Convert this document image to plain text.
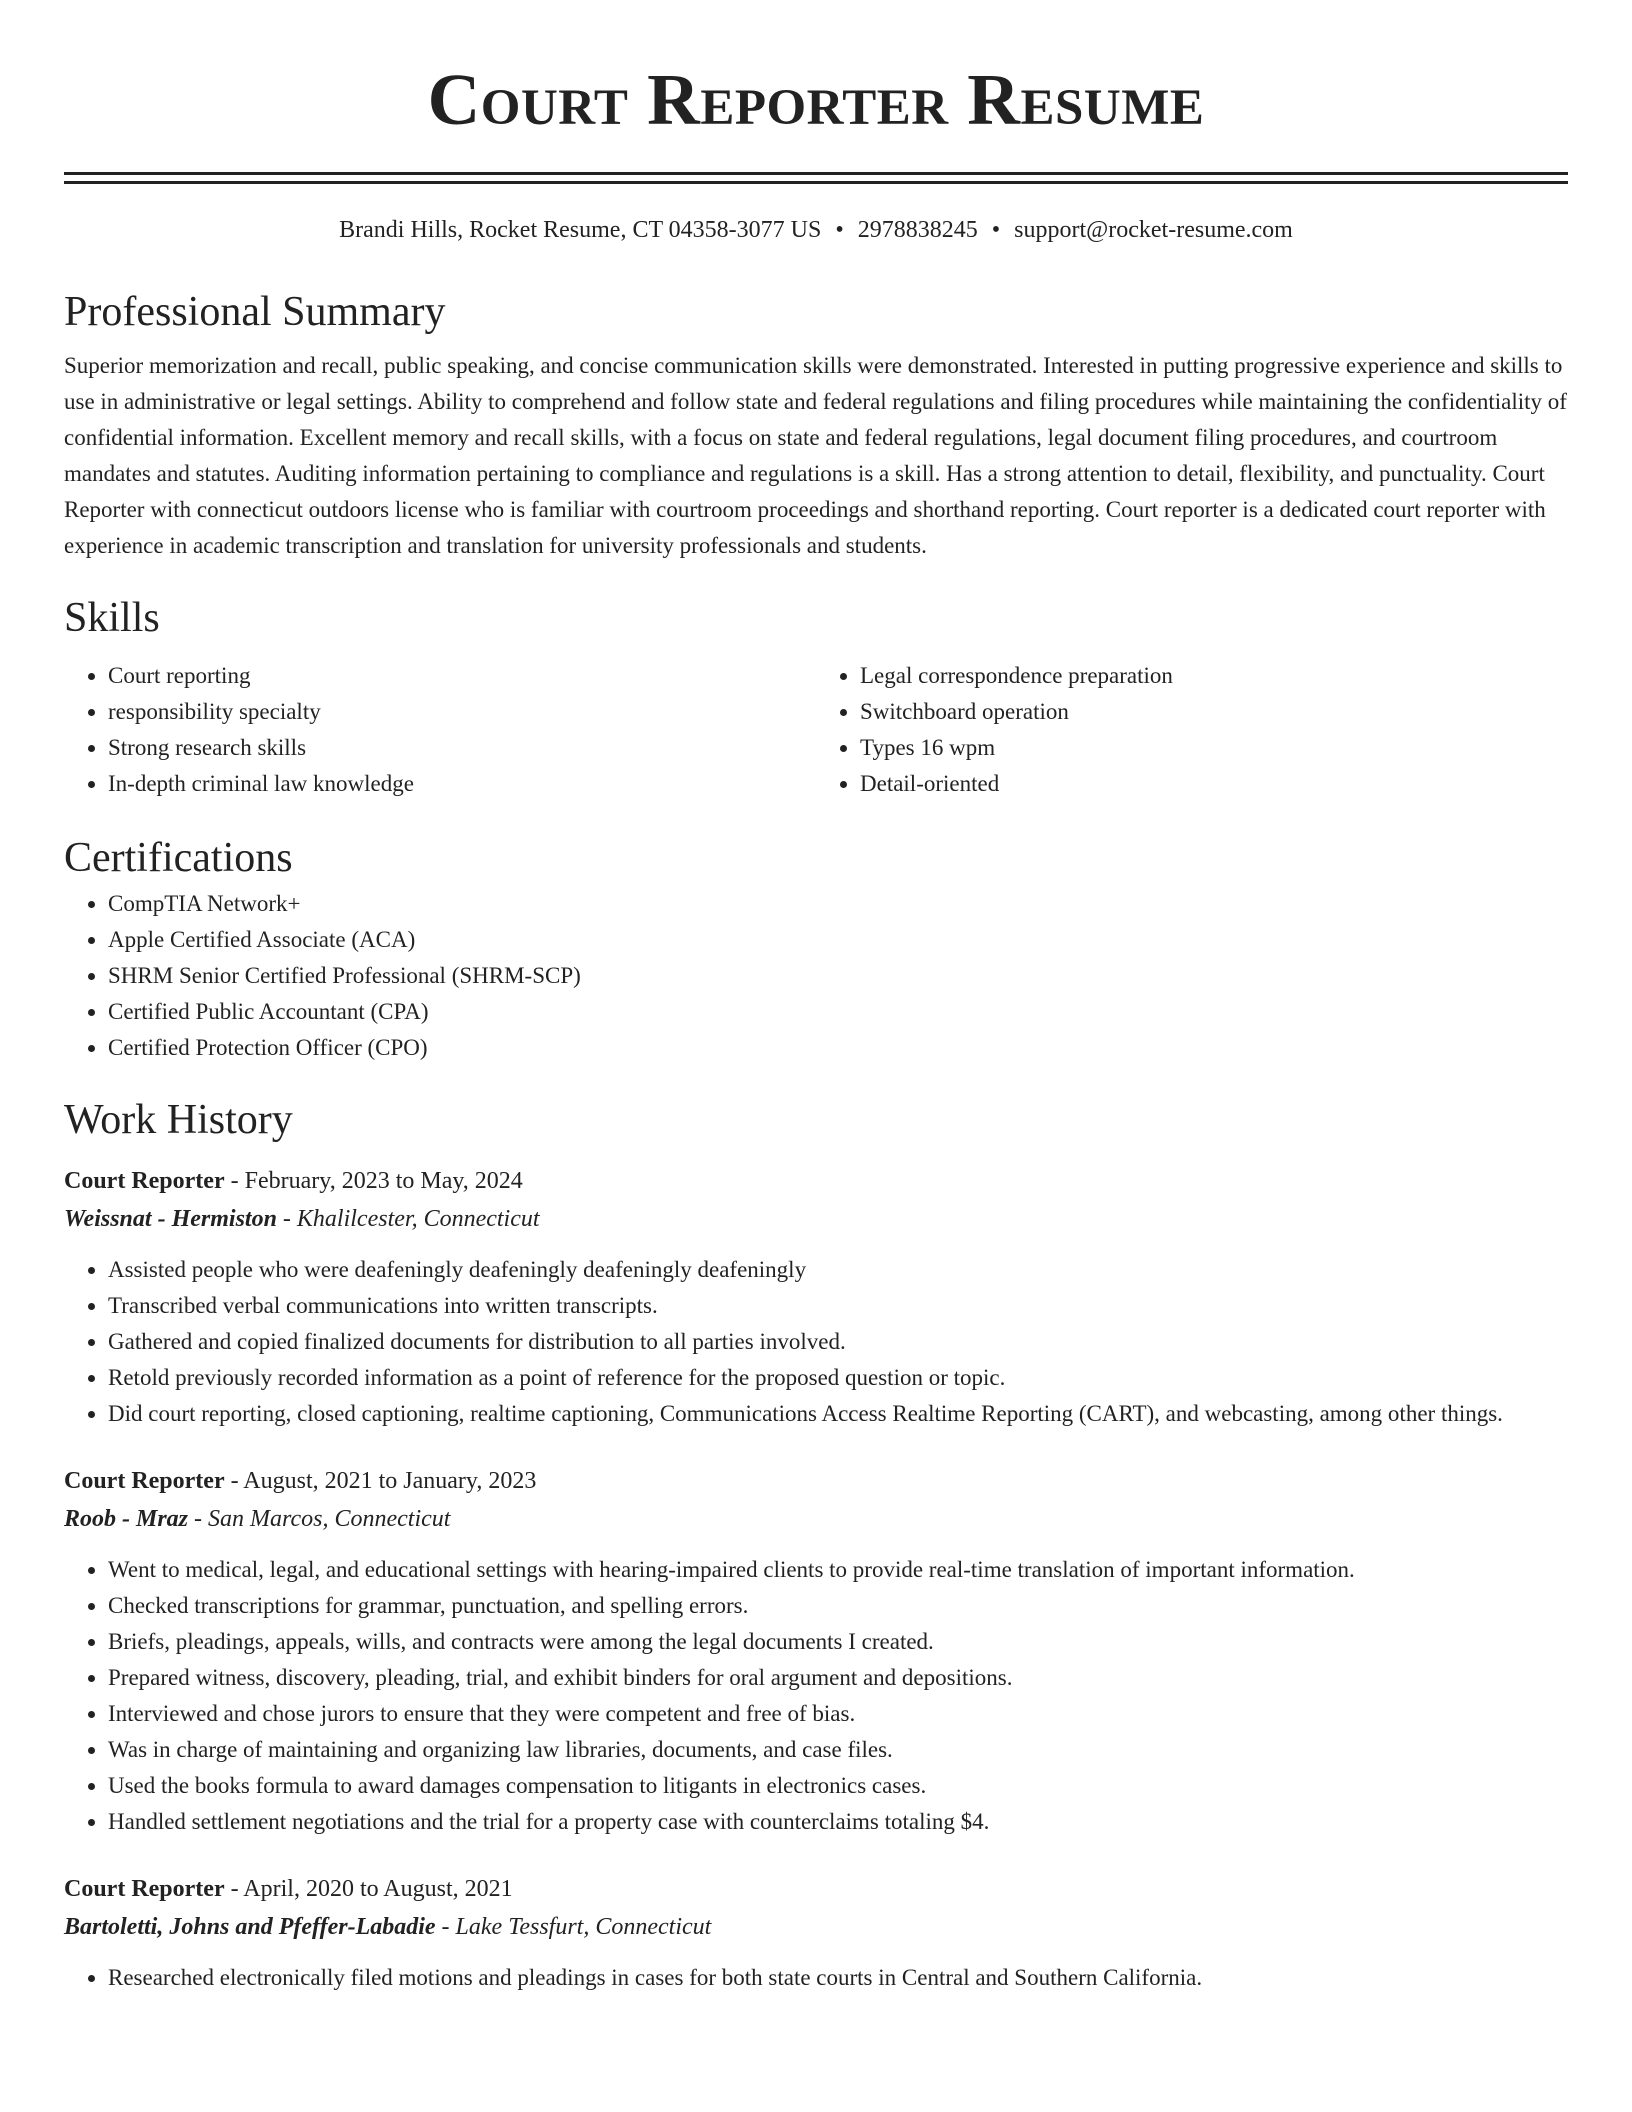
Court Reporter Resume
Brandi Hills, Rocket Resume, CT 04358-3077 US • 2978838245 • support@rocket-resume.com
Professional Summary

Superior memorization and recall, public speaking, and concise communication skills were demonstrated. Interested in putting progressive experience and skills to use in administrative or legal settings. Ability to comprehend and follow state and federal regulations and filing procedures while maintaining the confidentiality of confidential information. Excellent memory and recall skills, with a focus on state and federal regulations, legal document filing procedures, and courtroom mandates and statutes. Auditing information pertaining to compliance and regulations is a skill. Has a strong attention to detail, flexibility, and punctuality. Court Reporter with connecticut outdoors license who is familiar with courtroom proceedings and shorthand reporting. Court reporter is a dedicated court reporter with experience in academic transcription and translation for university professionals and students.

Skills
• Court reporting
• responsibility specialty
• Strong research skills
• In-depth criminal law knowledge
• Legal correspondence preparation
• Switchboard operation
• Types 16 wpm
• Detail-oriented
Certifications
• CompTIA Network+
• Apple Certified Associate (ACA)
• SHRM Senior Certified Professional (SHRM-SCP)
• Certified Public Accountant (CPA)
• Certified Protection Officer (CPO)
Work History
Court Reporter - February, 2023 to May, 2024
Weissnat - Hermiston - Khalilcester, Connecticut
• Assisted people who were deafeningly deafeningly deafeningly deafeningly
• Transcribed verbal communications into written transcripts.
• Gathered and copied finalized documents for distribution to all parties involved.
• Retold previously recorded information as a point of reference for the proposed question or topic.
• Did court reporting, closed captioning, realtime captioning, Communications Access Realtime Reporting (CART), and webcasting, among other things.
Court Reporter - August, 2021 to January, 2023
Roob - Mraz - San Marcos, Connecticut
• Went to medical, legal, and educational settings with hearing-impaired clients to provide real-time translation of important information.
• Checked transcriptions for grammar, punctuation, and spelling errors.
• Briefs, pleadings, appeals, wills, and contracts were among the legal documents I created.
• Prepared witness, discovery, pleading, trial, and exhibit binders for oral argument and depositions.
• Interviewed and chose jurors to ensure that they were competent and free of bias.
• Was in charge of maintaining and organizing law libraries, documents, and case files.
• Used the books formula to award damages compensation to litigants in electronics cases.
• Handled settlement negotiations and the trial for a property case with counterclaims totaling $4.
Court Reporter - April, 2020 to August, 2021
Bartoletti, Johns and Pfeffer-Labadie - Lake Tessfurt, Connecticut
• Researched electronically filed motions and pleadings in cases for both state courts in Central and Southern California.
